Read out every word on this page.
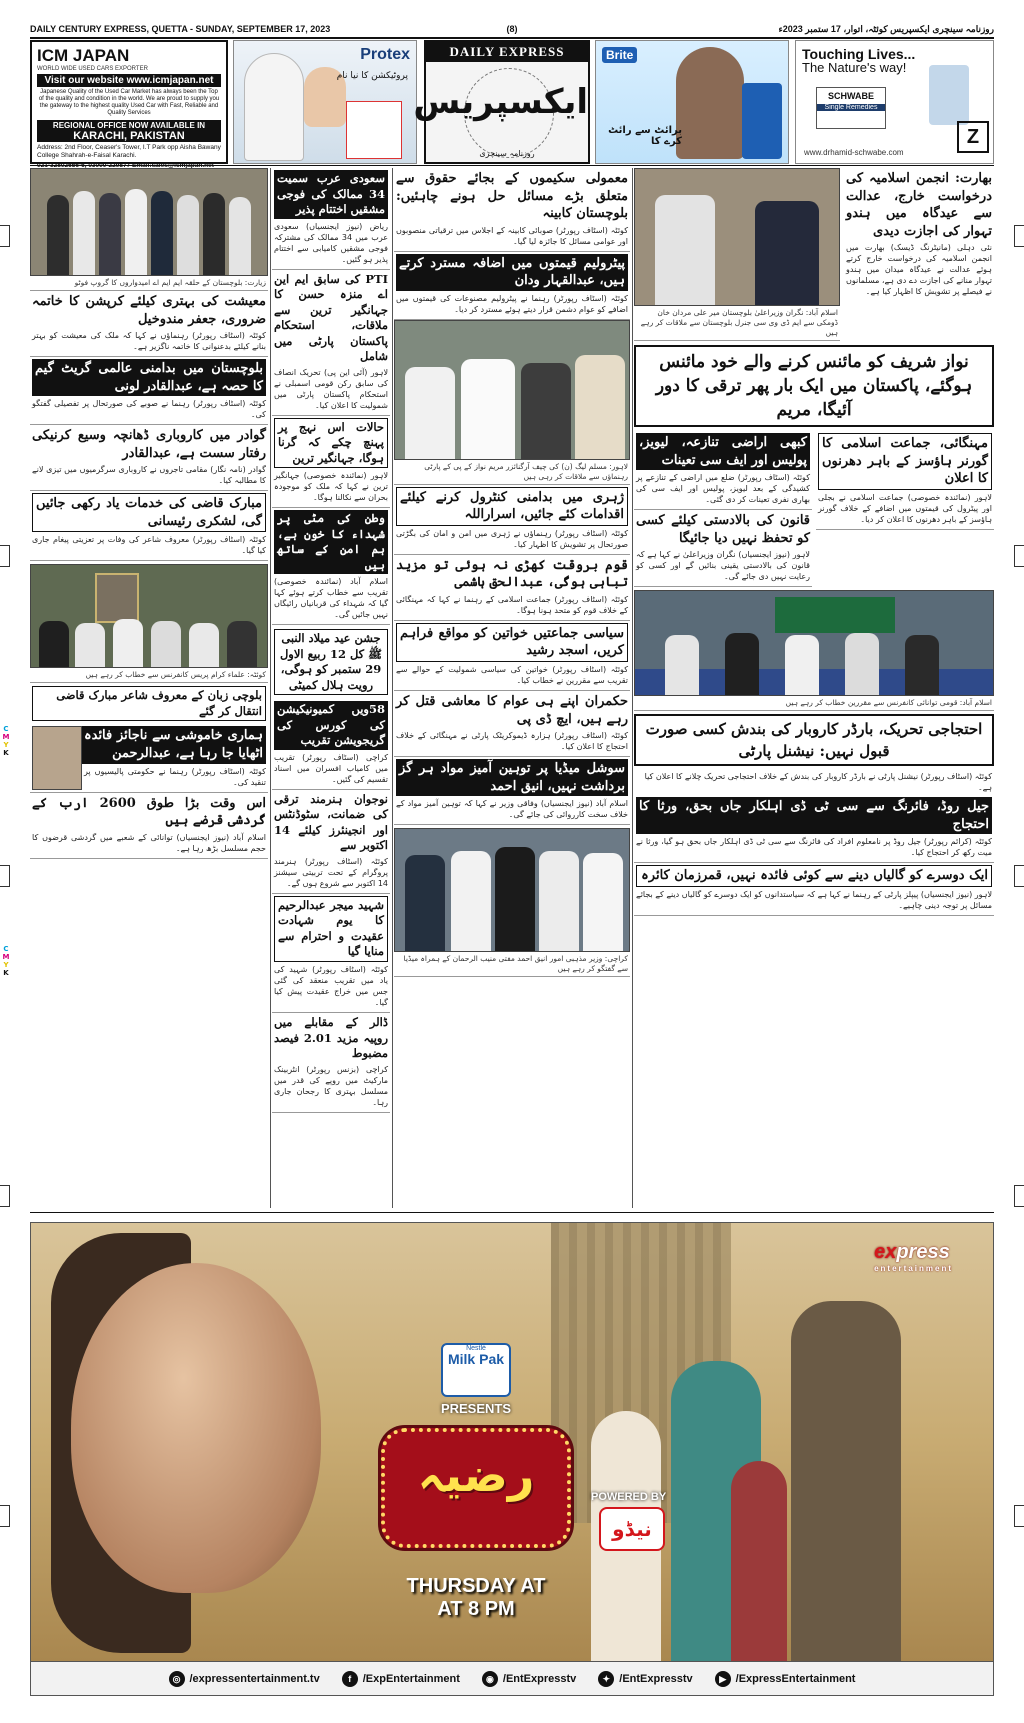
C
M
Y
K
C
M
Y
K
DAILY CENTURY EXPRESS, QUETTA - SUNDAY, SEPTEMBER 17, 2023	(8)	روزنامہ سینچری ایکسپریس کوئٹہ، اتوار، 17 ستمبر 2023ء
ICM JAPAN
WORLD WIDE USED CARS EXPORTER
Visit our website www.icmjapan.net
Japanese Quality of the Used Car Market has always been the Top of the quality and condition in the world. We are proud to supply you the gateway to the highest quality Used Car with Fast, Reliable and Quality Services
REGIONAL OFFICE NOW AVAILABLE IN
KARACHI, PAKISTAN
Address: 2nd Floor, Ceaser's Tower, I.T Park opp Aisha Bawany College Shahrah-e-Faisal Karachi.
Protex
پروٹیکشن کا نیا نام
DAILY EXPRESS
ایکسپریس
روزنامہ سینچری
Brite
برائٹ سے رائٹ کرے کا
Touching Lives...
The Nature's way!
SCHWABE
Single Remedies
Z
www.drhamid-schwabe.com
زیارت: بلوچستان کے حلقہ ایم ایم اے امیدواروں کا گروپ فوٹو
معیشت کی بہتری کیلئے کرپشن کا خاتمہ ضروری، جعفر مندوخیل
کوئٹہ (اسٹاف رپورٹر) رہنماؤں نے کہا کہ ملک کی معیشت کو بہتر بنانے کیلئے بدعنوانی کا خاتمہ ناگزیر ہے۔
بلوچستان میں بدامنی عالمی گریٹ گیم کا حصہ ہے، عبدالقادر لونی
کوئٹہ (اسٹاف رپورٹر) رہنما نے صوبے کی صورتحال پر تفصیلی گفتگو کی۔
گوادر میں کاروباری ڈھانچہ وسیع کرنیکی رفتار سست ہے، عبدالقادر
گوادر (نامہ نگار) مقامی تاجروں نے کاروباری سرگرمیوں میں تیزی لانے کا مطالبہ کیا۔
مبارک قاضی کی خدمات یاد رکھی جائیں گی، لشکری رئیسانی
کوئٹہ (اسٹاف رپورٹر) معروف شاعر کی وفات پر تعزیتی پیغام جاری کیا گیا۔
کوئٹہ: علماء کرام پریس کانفرنس سے خطاب کر رہے ہیں
بلوچی زبان کے معروف شاعر مبارک قاضی انتقال کر گئے
ہماری خاموشی سے ناجائز فائدہ اٹھایا جا رہا ہے، عبدالرحمن
کوئٹہ (اسٹاف رپورٹر) رہنما نے حکومتی پالیسیوں پر تنقید کی۔
اس وقت بڑا طوق 2600 ارب کے گردشی قرضے ہیں
اسلام آباد (نیوز ایجنسیاں) توانائی کے شعبے میں گردشی قرضوں کا حجم مسلسل بڑھ رہا ہے۔
سعودی عرب سمیت 34 ممالک کی فوجی مشقیں اختتام پذیر
ریاض (نیوز ایجنسیاں) سعودی عرب میں 34 ممالک کی مشترکہ فوجی مشقیں کامیابی سے اختتام پذیر ہو گئیں۔
PTI کی سابق ایم این اے منزہ حسن کا جہانگیر ترین سے ملاقات، استحکام پاکستان پارٹی میں شامل
لاہور (آئی این پی) تحریک انصاف کی سابق رکن قومی اسمبلی نے استحکام پاکستان پارٹی میں شمولیت کا اعلان کیا۔
حالات اس نہج پر پہنچ چکے کہ گرنا ہوگا، جہانگیر ترین
لاہور (نمائندہ خصوصی) جہانگیر ترین نے کہا کہ ملک کو موجودہ بحران سے نکالنا ہوگا۔
وطن کی مٹی پر شہداء کا خون ہے، ہم امن کے ساتھ ہیں
اسلام آباد (نمائندہ خصوصی) تقریب سے خطاب کرتے ہوئے کہا گیا کہ شہداء کی قربانیاں رائیگاں نہیں جائیں گی۔
جشن عید میلاد النبی ﷺ کل 12 ربیع الاول 29 ستمبر کو ہوگی، رویت ہلال کمیٹی
58ویں کمیونیکیشن کی کورس کی گریجویشن تقریب
کراچی (اسٹاف رپورٹر) تقریب میں کامیاب افسران میں اسناد تقسیم کی گئیں۔
نوجوان ہنرمند ترقی کی ضمانت، سٹوڈنٹس اور انجینئرز کیلئے 14 اکتوبر سے
کوئٹہ (اسٹاف رپورٹر) ہنرمند پروگرام کے تحت تربیتی سیشنز 14 اکتوبر سے شروع ہوں گے۔
شہید میجر عبدالرحیم کا یوم شہادت عقیدت و احترام سے منایا گیا
کوئٹہ (اسٹاف رپورٹر) شہید کی یاد میں تقریب منعقد کی گئی جس میں خراج عقیدت پیش کیا گیا۔
ڈالر کے مقابلے میں روپیہ مزید 2.01 فیصد مضبوط
کراچی (بزنس رپورٹر) انٹربینک مارکیٹ میں روپے کی قدر میں مسلسل بہتری کا رجحان جاری رہا۔
معمولی سکیموں کے بجائے حقوق سے متعلق بڑے مسائل حل ہونے چاہئیں: بلوچستان کابینہ
کوئٹہ (اسٹاف رپورٹر) صوبائی کابینہ کے اجلاس میں ترقیاتی منصوبوں اور عوامی مسائل کا جائزہ لیا گیا۔
پیٹرولیم قیمتوں میں اضافہ مسترد کرتے ہیں، عبدالقہار ودان
کوئٹہ (اسٹاف رپورٹر) رہنما نے پیٹرولیم مصنوعات کی قیمتوں میں اضافے کو عوام دشمن قرار دیتے ہوئے مسترد کر دیا۔
لاہور: مسلم لیگ (ن) کی چیف آرگنائزر مریم نواز کے پی کے پارٹی رہنماؤں سے ملاقات کر رہی ہیں
ژہری میں بدامنی کنٹرول کرنے کیلئے اقدامات کئے جائیں، اسراراللہ
کوئٹہ (اسٹاف رپورٹر) رہنماؤں نے ژہری میں امن و امان کی بگڑتی صورتحال پر تشویش کا اظہار کیا۔
قوم بروقت کھڑی نہ ہوئی تو مزید تباہی ہوگی، عبدالحق ہاشمی
کوئٹہ (اسٹاف رپورٹر) جماعت اسلامی کے رہنما نے کہا کہ مہنگائی کے خلاف قوم کو متحد ہونا ہوگا۔
سیاسی جماعتیں خواتین کو مواقع فراہم کریں، اسجد رشید
کوئٹہ (اسٹاف رپورٹر) خواتین کی سیاسی شمولیت کے حوالے سے تقریب سے مقررین نے خطاب کیا۔
حکمران اپنے ہی عوام کا معاشی قتل کر رہے ہیں، ایچ ڈی پی
کوئٹہ (اسٹاف رپورٹر) ہزارہ ڈیموکریٹک پارٹی نے مہنگائی کے خلاف احتجاج کا اعلان کیا۔
سوشل میڈیا پر توہین آمیز مواد ہر گز برداشت نہیں، انیق احمد
اسلام آباد (نیوز ایجنسیاں) وفاقی وزیر نے کہا کہ توہین آمیز مواد کے خلاف سخت کارروائی کی جائے گی۔
کراچی: وزیر مذہبی امور انیق احمد مفتی منیب الرحمان کے ہمراہ میڈیا سے گفتگو کر رہے ہیں
اسلام آباد: نگران وزیراعلیٰ بلوچستان میر علی مردان خان ڈومکی سے ایم ڈی وی سی جنرل بلوچستان سے ملاقات کر رہے ہیں
بھارت: انجمن اسلامیہ کی درخواست خارج، عدالت سے عیدگاہ میں ہندو تہوار کی اجازت دیدی
نئی دہلی (مانیٹرنگ ڈیسک) بھارت میں انجمن اسلامیہ کی درخواست خارج کرتے ہوئے عدالت نے عیدگاہ میدان میں ہندو تہوار منانے کی اجازت دے دی ہے، مسلمانوں نے فیصلے پر تشویش کا اظہار کیا ہے۔
نواز شریف کو مائنس کرنے والے خود مائنس ہوگئے، پاکستان میں ایک بار پھر ترقی کا دور آئیگا، مریم
کبھی اراضی تنازعہ، لیویز، پولیس اور ایف سی تعینات
کوئٹہ (اسٹاف رپورٹر) ضلع میں اراضی کے تنازعے پر کشیدگی کے بعد لیویز، پولیس اور ایف سی کی بھاری نفری تعینات کر دی گئی۔
قانون کی بالادستی کیلئے کسی کو تحفظ نہیں دیا جائیگا
لاہور (نیوز ایجنسیاں) نگران وزیراعلیٰ نے کہا ہے کہ قانون کی بالادستی یقینی بنائیں گے اور کسی کو رعایت نہیں دی جائے گی۔
مہنگائی، جماعت اسلامی کا گورنر ہاؤسز کے باہر دھرنوں کا اعلان
لاہور (نمائندہ خصوصی) جماعت اسلامی نے بجلی اور پیٹرول کی قیمتوں میں اضافے کے خلاف گورنر ہاؤسز کے باہر دھرنوں کا اعلان کر دیا۔
اسلام آباد: قومی توانائی کانفرنس سے مقررین خطاب کر رہے ہیں
احتجاجی تحریک، بارڈر کاروبار کی بندش کسی صورت قبول نہیں: نیشنل پارٹی
کوئٹہ (اسٹاف رپورٹر) نیشنل پارٹی نے بارڈر کاروبار کی بندش کے خلاف احتجاجی تحریک چلانے کا اعلان کیا ہے۔
جیل روڈ، فائرنگ سے سی ٹی ڈی اہلکار جاں بحق، ورثا کا احتجاج
کوئٹہ (کرائم رپورٹر) جیل روڈ پر نامعلوم افراد کی فائرنگ سے سی ٹی ڈی اہلکار جاں بحق ہو گیا، ورثا نے میت رکھ کر احتجاج کیا۔
ایک دوسرے کو گالیاں دینے سے کوئی فائدہ نہیں، قمرزمان کائرہ
لاہور (نیوز ایجنسیاں) پیپلز پارٹی کے رہنما نے کہا ہے کہ سیاستدانوں کو ایک دوسرے کو گالیاں دینے کے بجائے مسائل پر توجہ دینی چاہیے۔
express
entertainment
Nestlé
Milk Pak
PRESENTS
رضیہ	POWERED BY
نیڈو
THURSDAY AT
AT 8 PM
◎ /expressentertainment.tv	f	/ExpEntertainment	◉ /EntExpresstv	✦ /EntExpresstv	▶ /ExpressEntertainment
